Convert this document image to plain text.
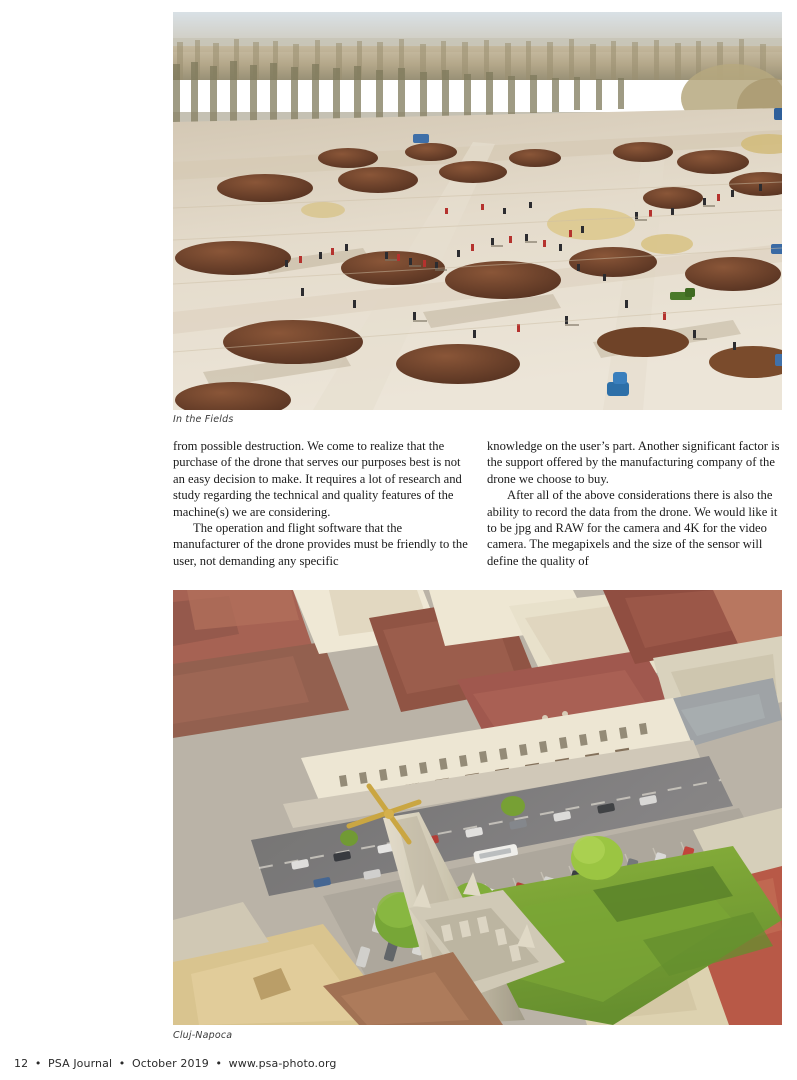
In the Fields

from possible destruction. We come to realize that the purchase of the drone that serves our purposes best is not an easy decision to make. It requires a lot of research and study regarding the technical and quality features of the machine(s) we are considering.

The operation and flight software that the manufacturer of the drone provides must be friendly to the user, not demanding any specific

knowledge on the user’s part. Another significant factor is the support offered by the manufacturing company of the drone we choose to buy.

After all of the above considerations there is also the ability to record the data from the drone. We would like it to be jpg and RAW for the camera and 4K for the video camera. The megapixels and the size of the sensor will define the quality of

Cluj-Napoca
12 • PSA Journal • October 2019 • www.psa-photo.org
